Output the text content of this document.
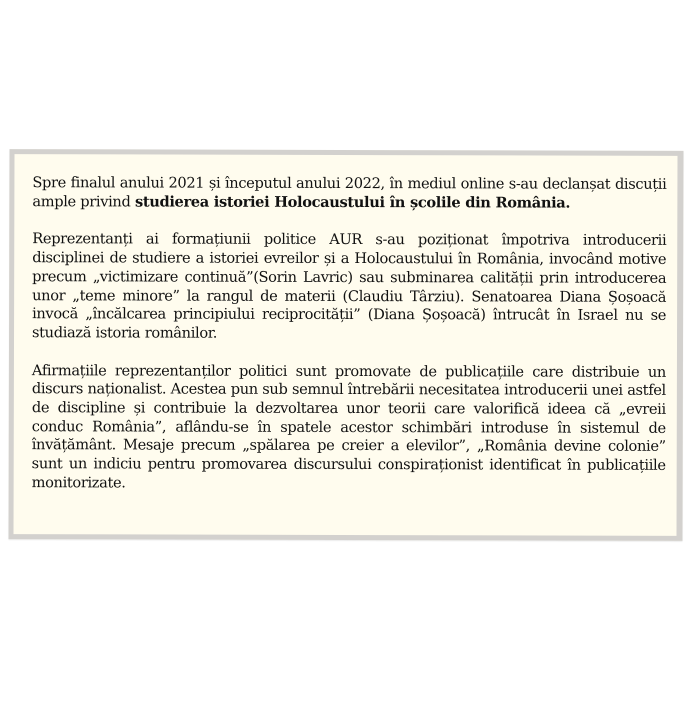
Spre finalul anului 2021 și începutul anului 2022, în mediul online s-au declanșat discuții ample privind studierea istoriei Holocaustului în școlile din România.

Reprezentanți ai formațiunii politice AUR s-au poziționat împotriva introducerii disciplinei de studiere a istoriei evreilor și a Holocaustului în România, invocând motive precum „victimizare continuă”(Sorin Lavric) sau subminarea calității prin introducerea unor „teme minore” la rangul de materii (Claudiu Târziu). Senatoarea Diana Șoșoacă invocă „încălcarea principiului reciprocității” (Diana Șoșoacă) întrucât în Israel nu se studiază istoria românilor.

Afirmațiile reprezentanților politici sunt promovate de publicațiile care distribuie un discurs naționalist. Acestea pun sub semnul întrebării necesitatea introducerii unei astfel de discipline și contribuie la dezvoltarea unor teorii care valorifică ideea că „evreii conduc România”, aflându-se în spatele acestor schimbări introduse în sistemul de învățământ. Mesaje precum „spălarea pe creier a elevilor”, „România devine colonie” sunt un indiciu pentru promovarea discursului conspiraționist identificat în publicațiile monitorizate.
